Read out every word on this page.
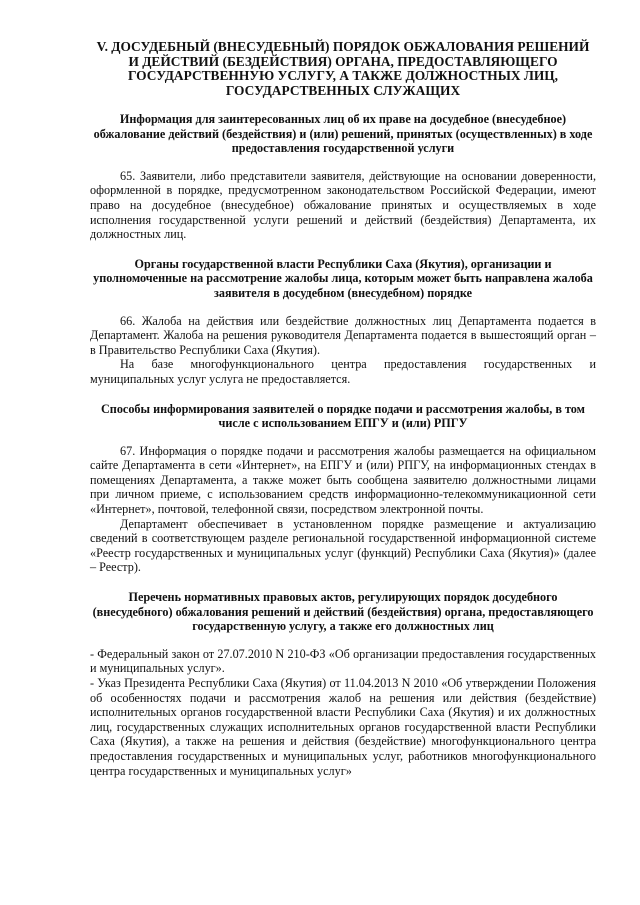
V. ДОСУДЕБНЫЙ (ВНЕСУДЕБНЫЙ) ПОРЯДОК ОБЖАЛОВАНИЯ РЕШЕНИЙ И ДЕЙСТВИЙ (БЕЗДЕЙСТВИЯ) ОРГАНА, ПРЕДОСТАВЛЯЮЩЕГО ГОСУДАРСТВЕННУЮ УСЛУГУ, А ТАКЖЕ ДОЛЖНОСТНЫХ ЛИЦ, ГОСУДАРСТВЕННЫХ СЛУЖАЩИХ
Информация для заинтересованных лиц об их праве на досудебное (внесудебное) обжалование действий (бездействия) и (или) решений, принятых (осуществленных) в ходе предоставления государственной услуги

65. Заявители, либо представители заявителя, действующие на основании доверенности, оформленной в порядке, предусмотренном законодательством Российской Федерации, имеют право на досудебное (внесудебное) обжалование принятых и осуществляемых в ходе исполнения государственной услуги решений и действий (бездействия) Департамента, их должностных лиц.

Органы государственной власти Республики Саха (Якутия), организации и уполномоченные на рассмотрение жалобы лица, которым может быть направлена жалоба заявителя в досудебном (внесудебном) порядке

66. Жалоба на действия или бездействие должностных лиц Департамента подается в Департамент. Жалоба на решения руководителя Департамента подается в вышестоящий орган – в Правительство Республики Саха (Якутия).

На базе многофункционального центра предоставления государственных и муниципальных услуг услуга не предоставляется.

Способы информирования заявителей о порядке подачи и рассмотрения жалобы, в том числе с использованием ЕПГУ и (или) РПГУ

67. Информация о порядке подачи и рассмотрения жалобы размещается на официальном сайте Департамента в сети «Интернет», на ЕПГУ и (или) РПГУ, на информационных стендах в помещениях Департамента, а также может быть сообщена заявителю должностными лицами при личном приеме, с использованием средств информационно-телекоммуникационной сети «Интернет», почтовой, телефонной связи, посредством электронной почты.

Департамент обеспечивает в установленном порядке размещение и актуализацию сведений в соответствующем разделе региональной государственной информационной системе «Реестр государственных и муниципальных услуг (функций) Республики Саха (Якутия)» (далее – Реестр).

Перечень нормативных правовых актов, регулирующих порядок досудебного (внесудебного) обжалования решений и действий (бездействия) органа, предоставляющего государственную услугу, а также его должностных лиц

- Федеральный закон от 27.07.2010 N 210-ФЗ «Об организации предоставления государственных и муниципальных услуг».

- Указ Президента Республики Саха (Якутия) от 11.04.2013 N 2010 «Об утверждении Положения об особенностях подачи и рассмотрения жалоб на решения или действия (бездействие) исполнительных органов государственной власти Республики Саха (Якутия) и их должностных лиц, государственных служащих исполнительных органов государственной власти Республики Саха (Якутия), а также на решения и действия (бездействие) многофункционального центра предоставления государственных и муниципальных услуг, работников многофункционального центра государственных и муниципальных услуг»
